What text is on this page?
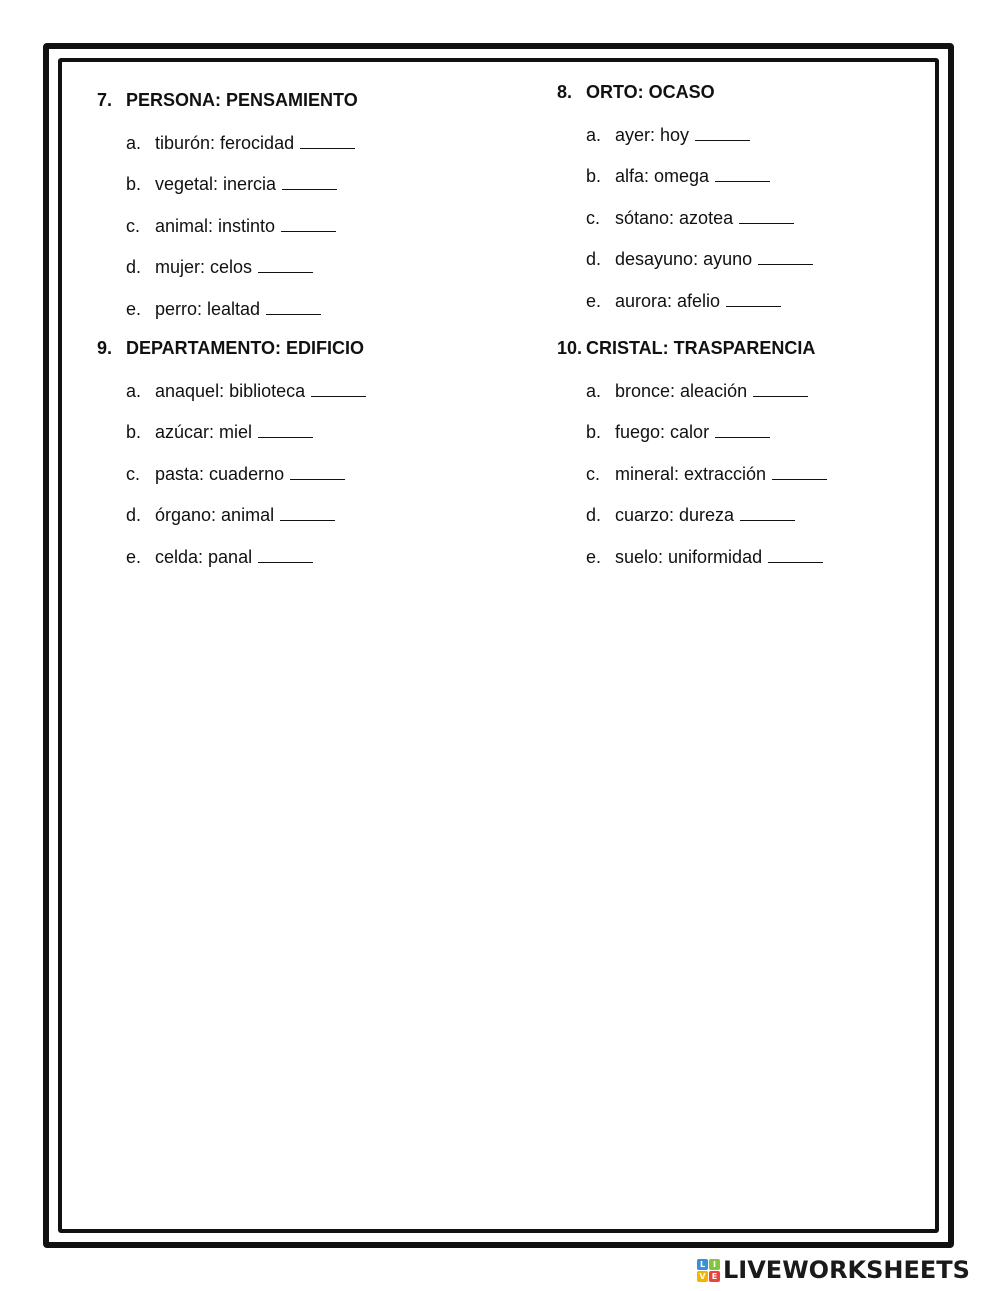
7. PERSONA: PENSAMIENTO
a. tiburón: ferocidad
b. vegetal: inercia
c. animal: instinto
d. mujer: celos
e. perro: lealtad
8. ORTO: OCASO
a. ayer: hoy
b. alfa: omega
c. sótano: azotea
d. desayuno: ayuno
e. aurora: afelio
9. DEPARTAMENTO: EDIFICIO
a. anaquel: biblioteca
b. azúcar: miel
c. pasta: cuaderno
d. órgano: animal
e. celda: panal
10. CRISTAL: TRASPARENCIA
a. bronce: aleación
b. fuego: calor
c. mineral: extracción
d. cuarzo: dureza
e. suelo: uniformidad
L I
V E LIVEWORKSHEETS
